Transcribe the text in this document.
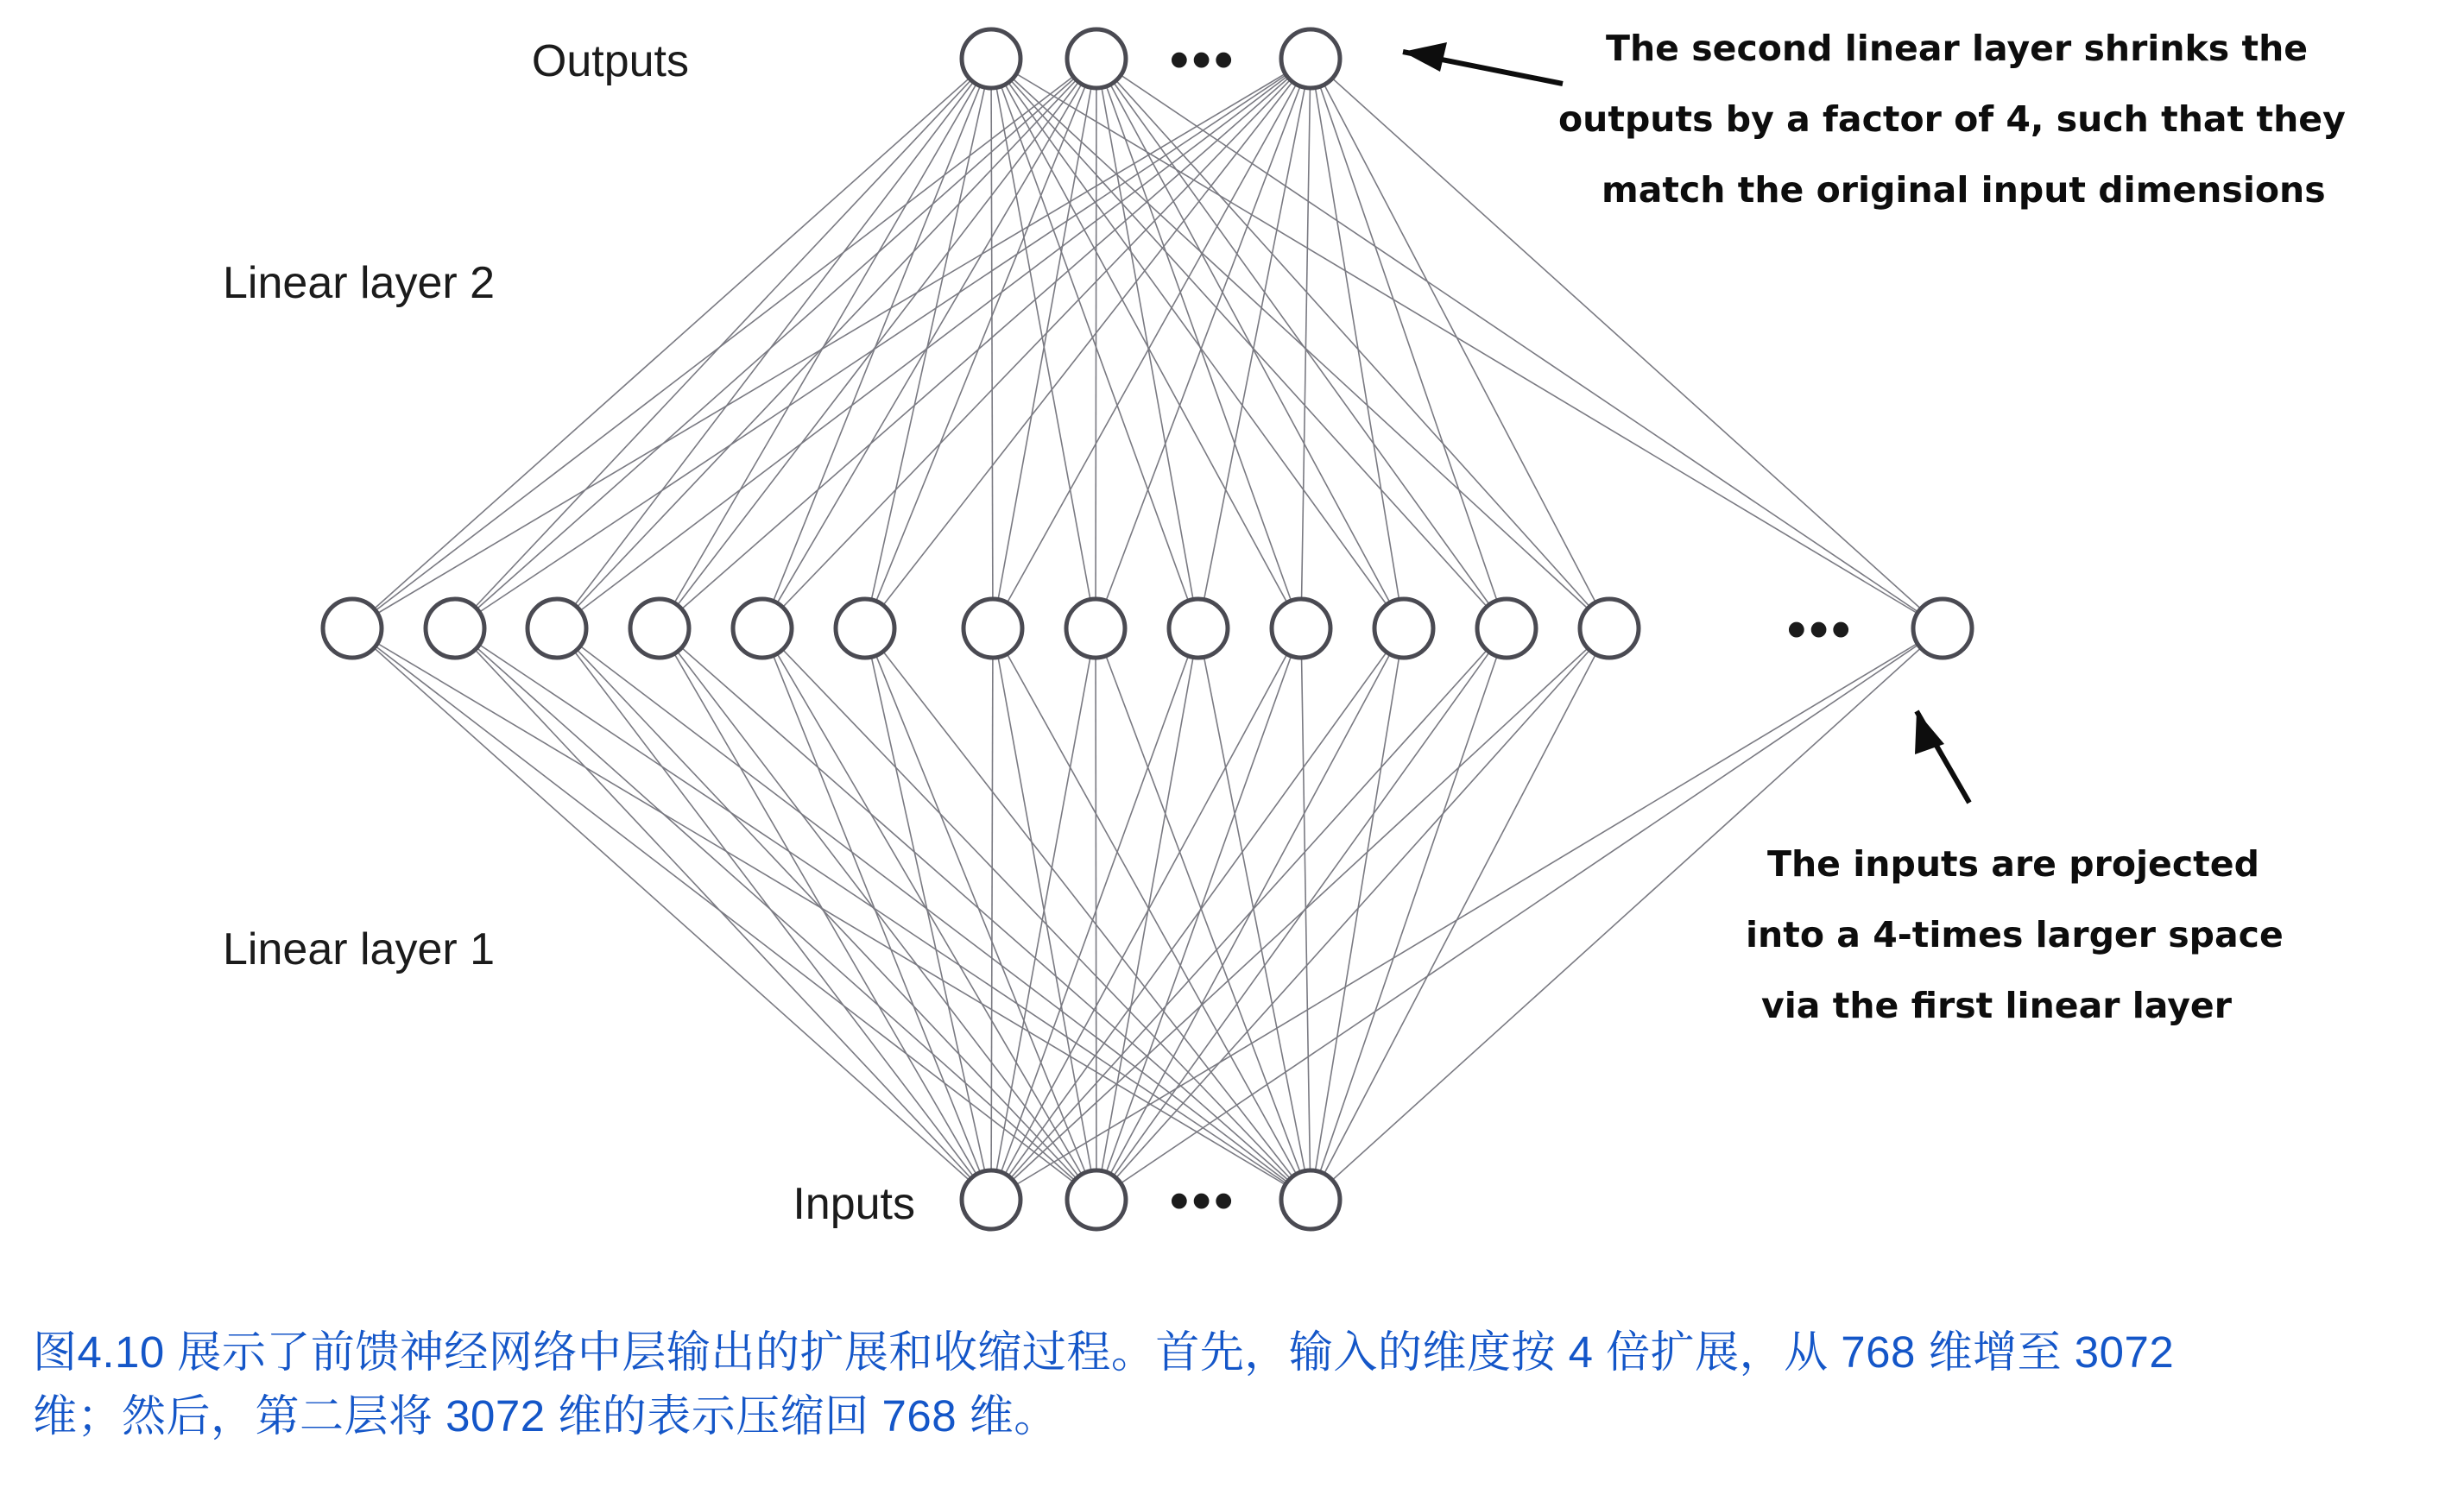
•••
•••
•••
Outputs
Inputs
Linear layer 2
Linear layer 1
The second linear layer shrinks the
outputs by a factor of 4, such that they
match the original input dimensions
The inputs are projected
into a 4-times larger space
via the first linear layer

图4.10 展示了前馈神经网络中层输出的扩展和收缩过程。首先，输入的维度按 4 倍扩展，从 768 维增至 3072

维；然后，第二层将 3072 维的表示压缩回 768 维。
